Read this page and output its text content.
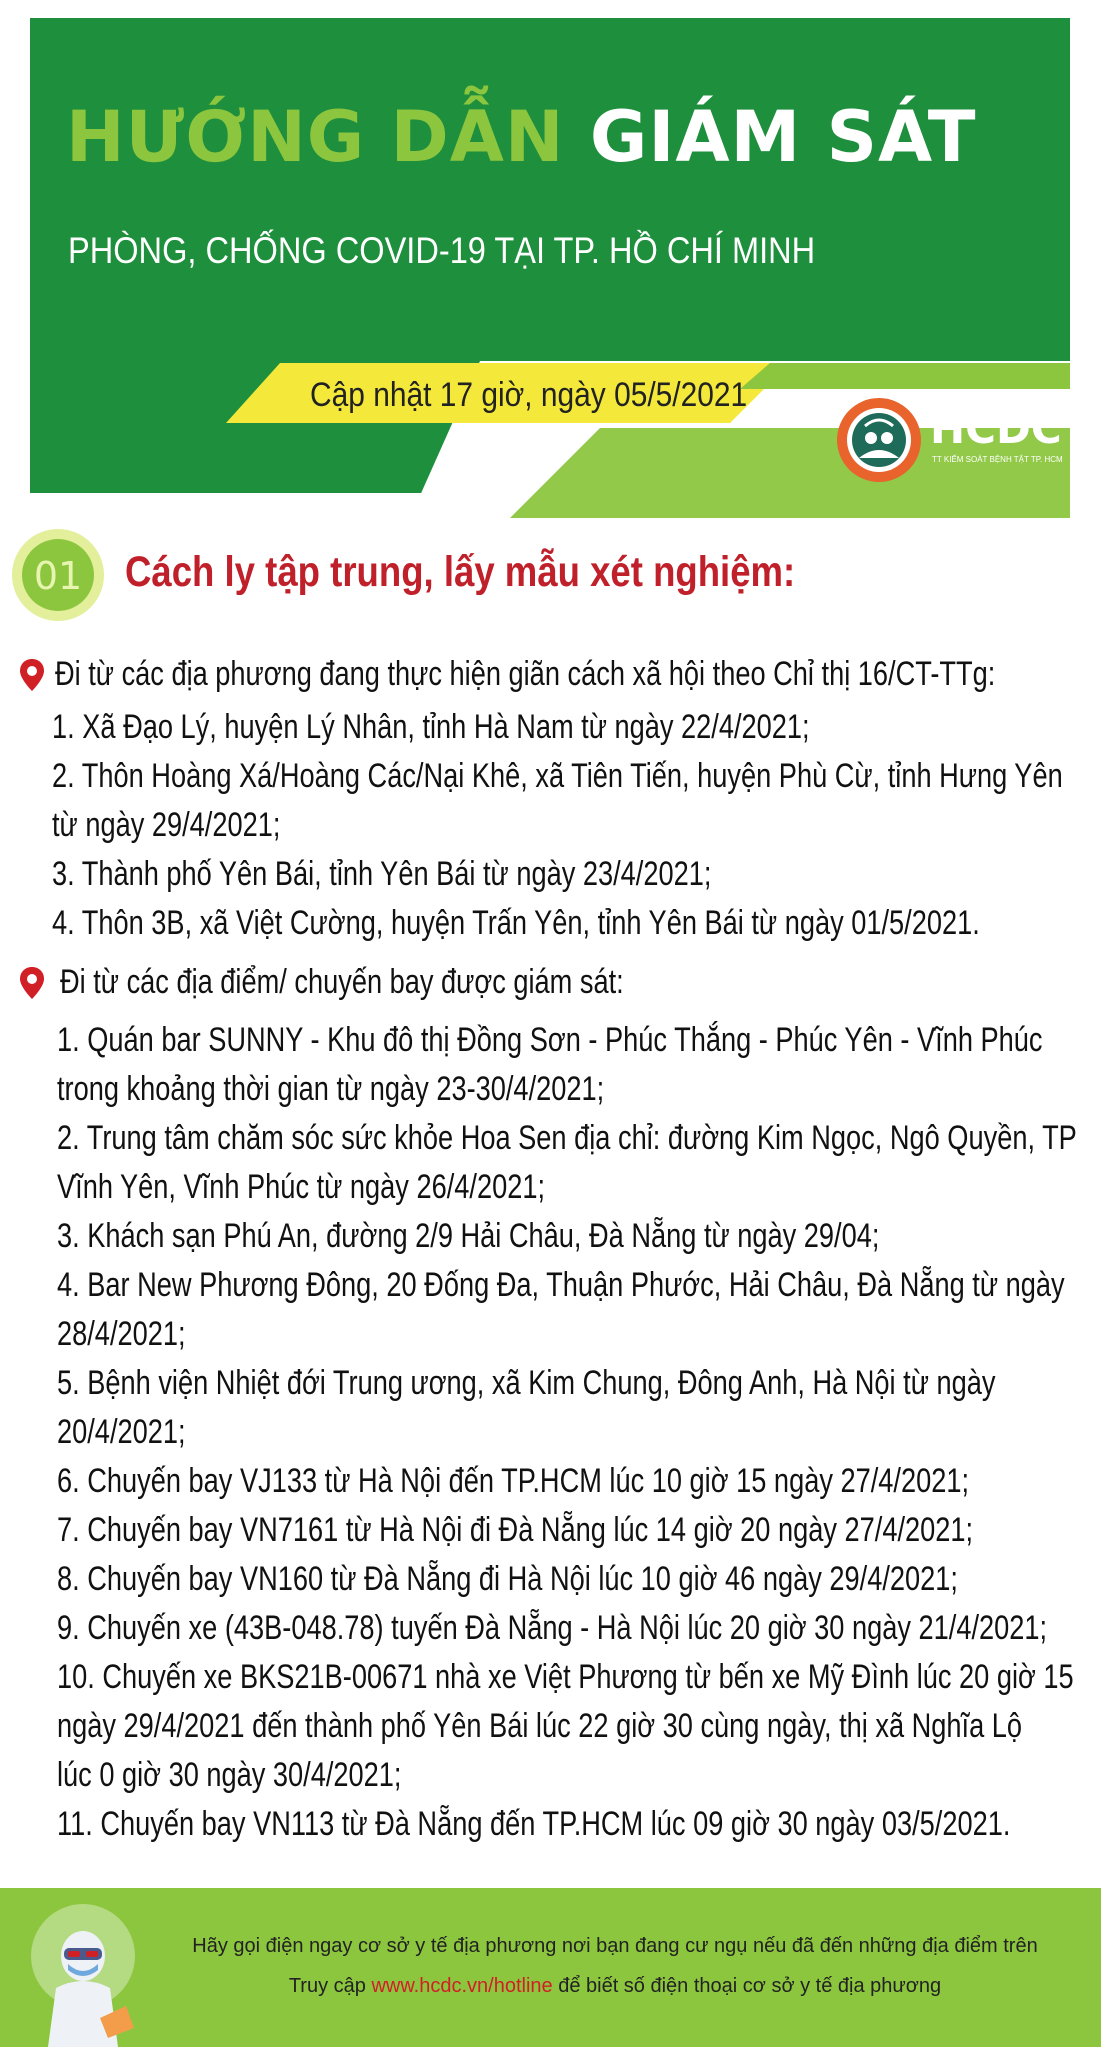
HƯỚNG DẪN GIÁM SÁT
PHÒNG, CHỐNG COVID-19 TẠI TP. HỒ CHÍ MINH
Cập nhật 17 giờ, ngày 05/5/2021
HCDC
TT KIỂM SOÁT BỆNH TẬT TP. HCM
01 Cách ly tập trung, lấy mẫu xét nghiệm:
Đi từ các địa phương đang thực hiện giãn cách xã hội theo Chỉ thị 16/CT-TTg:
1. Xã Đạo Lý, huyện Lý Nhân, tỉnh Hà Nam từ ngày 22/4/2021;
2. Thôn Hoàng Xá/Hoàng Các/Nại Khê, xã Tiên Tiến, huyện Phù Cừ, tỉnh Hưng Yên
từ ngày 29/4/2021;
3. Thành phố Yên Bái, tỉnh Yên Bái từ ngày 23/4/2021;
4. Thôn 3B, xã Việt Cường, huyện Trấn Yên, tỉnh Yên Bái từ ngày 01/5/2021.
Đi từ các địa điểm/ chuyến bay được giám sát:
1. Quán bar SUNNY - Khu đô thị Đồng Sơn - Phúc Thắng - Phúc Yên - Vĩnh Phúc
trong khoảng thời gian từ ngày 23-30/4/2021;
2. Trung tâm chăm sóc sức khỏe Hoa Sen địa chỉ: đường Kim Ngọc, Ngô Quyền, TP
Vĩnh Yên, Vĩnh Phúc từ ngày 26/4/2021;
3. Khách sạn Phú An, đường 2/9 Hải Châu, Đà Nẵng từ ngày 29/04;
4. Bar New Phương Đông, 20 Đống Đa, Thuận Phước, Hải Châu, Đà Nẵng từ ngày
28/4/2021;
5. Bệnh viện Nhiệt đới Trung ương, xã Kim Chung, Đông Anh, Hà Nội từ ngày
20/4/2021;
6. Chuyến bay VJ133 từ Hà Nội đến TP.HCM lúc 10 giờ 15 ngày 27/4/2021;
7. Chuyến bay VN7161 từ Hà Nội đi Đà Nẵng lúc 14 giờ 20 ngày 27/4/2021;
8. Chuyến bay VN160 từ Đà Nẵng đi Hà Nội lúc 10 giờ 46 ngày 29/4/2021;
9. Chuyến xe (43B-048.78) tuyến Đà Nẵng - Hà Nội lúc 20 giờ 30 ngày 21/4/2021;
10. Chuyến xe BKS21B-00671 nhà xe Việt Phương từ bến xe Mỹ Đình lúc 20 giờ 15
ngày 29/4/2021 đến thành phố Yên Bái lúc 22 giờ 30 cùng ngày, thị xã Nghĩa Lộ
lúc 0 giờ 30 ngày 30/4/2021;
11. Chuyến bay VN113 từ Đà Nẵng đến TP.HCM lúc 09 giờ 30 ngày 03/5/2021.
Hãy gọi điện ngay cơ sở y tế địa phương nơi bạn đang cư ngụ nếu đã đến những địa điểm trên
Truy cập www.hcdc.vn/hotline để biết số điện thoại cơ sở y tế địa phương
